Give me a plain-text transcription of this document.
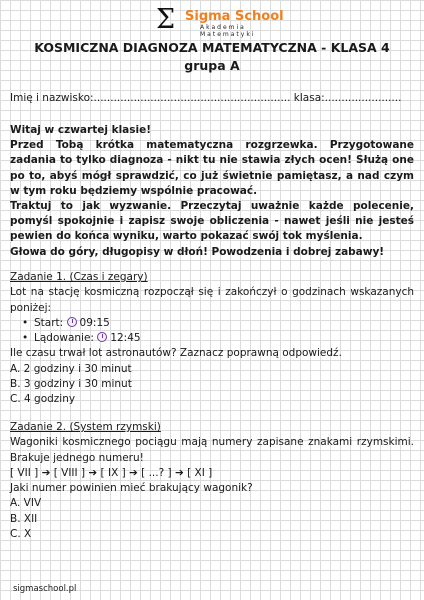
Σ Sigma School
Akademia
Matematyki
KOSMICZNA DIAGNOZA MATEMATYCZNA - KLASA 4
grupa A
Imię i nazwisko:........................................................... klasa:.......................

Witaj w czwartej klasie!

Przed Tobą krótka matematyczna rozgrzewka. Przygotowane zadania to tylko diagnoza - nikt tu nie stawia złych ocen! Służą one po to, abyś mógł sprawdzić, co już świetnie pamiętasz, a nad czym w tym roku będziemy wspólnie pracować.

Traktuj to jak wyzwanie. Przeczytaj uważnie każde polecenie, pomyśl spokojnie i zapisz swoje obliczenia - nawet jeśli nie jesteś pewien do końca wyniku, warto pokazać swój tok myślenia.

Głowa do góry, długopisy w dłoń! Powodzenia i dobrej zabawy!

Zadanie 1. (Czas i zegary)

Lot na stację kosmiczną rozpoczął się i zakończył o godzinach wskazanych poniżej:

• Start: 09:15
• Lądowanie: 12:45

Ile czasu trwał lot astronautów? Zaznacz poprawną odpowiedź.

A. 2 godziny i 30 minut
B. 3 godziny i 30 minut
C. 4 godziny
Zadanie 2. (System rzymski)

Wagoniki kosmicznego pociągu mają numery zapisane znakami rzymskimi. Brakuje jednego numeru!

[ VII ] ➔ [ VIII ] ➔ [ IX ] ➔ [ ...? ] ➔ [ XI ]
Jaki numer powinien mieć brakujący wagonik?
A. VIV
B. XII
C. X
sigmaschool.pl
